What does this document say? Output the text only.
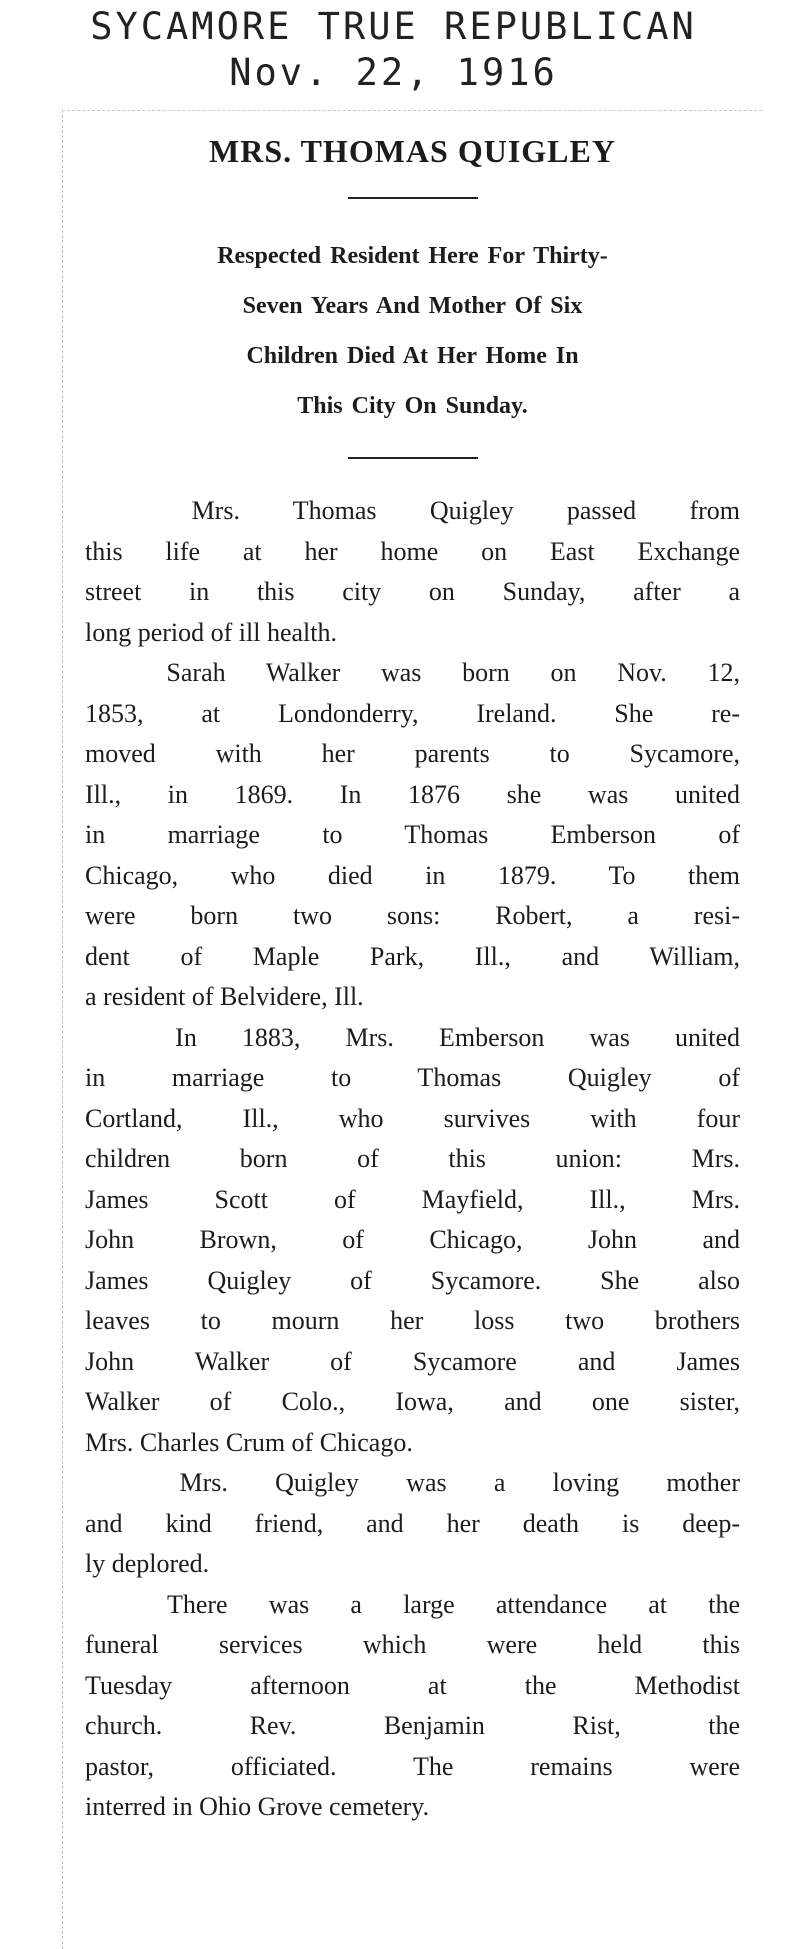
SYCAMORE TRUE REPUBLICAN
Nov. 22, 1916
MRS. THOMAS QUIGLEY
Respected Resident Here For Thirty-
Seven Years And Mother Of Six
Children Died At Her Home In
This City On Sunday.
Mrs. Thomas Quigley passed from
this life at her home on East Exchange
street in this city on Sunday, after a
long period of ill health.
Sarah Walker was born on Nov. 12,
1853, at Londonderry, Ireland. She re-
moved with her parents to Sycamore,
Ill., in 1869. In 1876 she was united
in marriage to Thomas Emberson of
Chicago, who died in 1879. To them
were born two sons: Robert, a resi-
dent of Maple Park, Ill., and William,
a resident of Belvidere, Ill.
In 1883, Mrs. Emberson was united
in marriage to Thomas Quigley of
Cortland, Ill., who survives with four
children born of this union: Mrs.
James Scott of Mayfield, Ill., Mrs.
John Brown, of Chicago, John and
James Quigley of Sycamore. She also
leaves to mourn her loss two brothers
John Walker of Sycamore and James
Walker of Colo., Iowa, and one sister,
Mrs. Charles Crum of Chicago.
Mrs. Quigley was a loving mother
and kind friend, and her death is deep-
ly deplored.
There was a large attendance at the
funeral services which were held this
Tuesday afternoon at the Methodist
church. Rev. Benjamin Rist, the
pastor, officiated. The remains were
interred in Ohio Grove cemetery.
